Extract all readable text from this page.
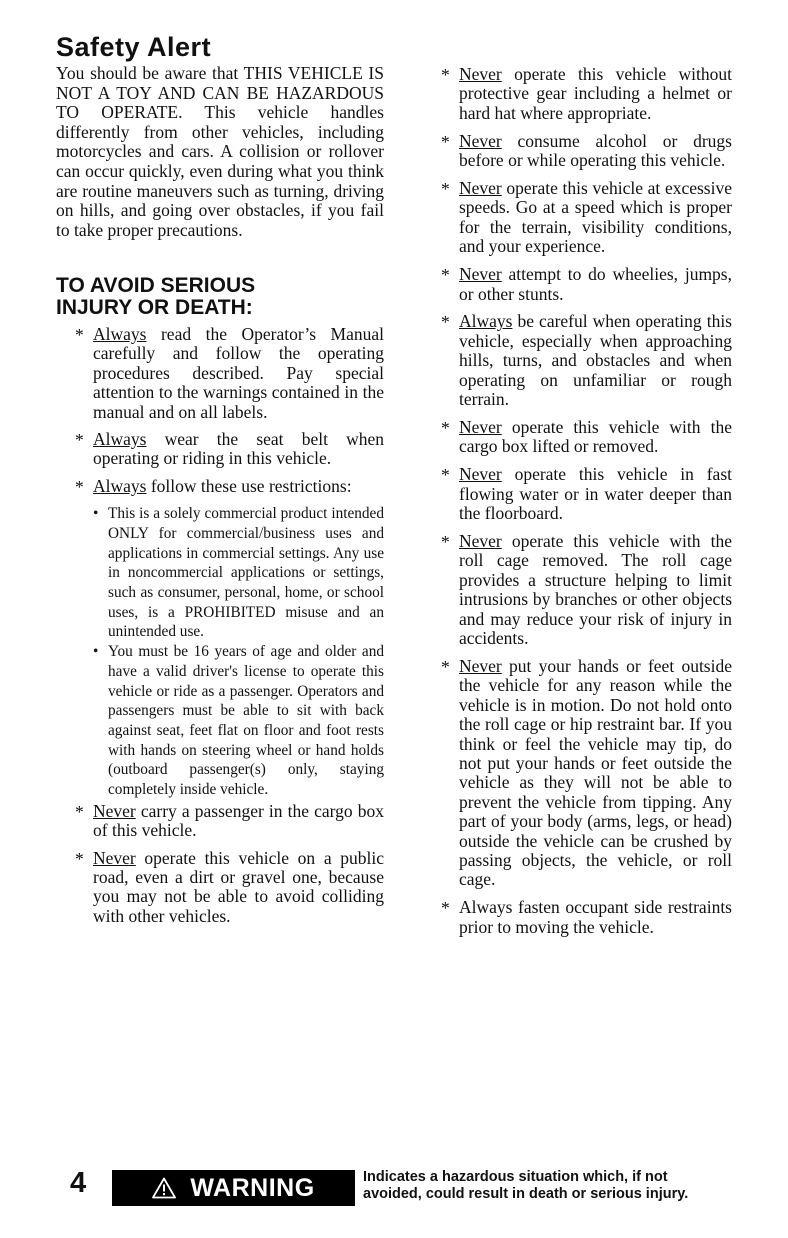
Safety Alert

You should be aware that THIS VEHICLE IS NOT A TOY AND CAN BE HAZARDOUS TO OPERATE. This vehicle handles differently from other vehicles, including motorcycles and cars. A collision or rollover can occur quickly, even during what you think are routine maneuvers such as turning, driving on hills, and going over obstacles, if you fail to take proper precautions.

TO AVOID SERIOUS
INJURY OR DEATH:
* Always read the Operator’s Manual carefully and follow the operating procedures described. Pay special attention to the warnings contained in the manual and on all labels.
* Always wear the seat belt when operating or riding in this vehicle.
* Always follow these use restrictions:
• This is a solely commercial product intended ONLY for commercial/business uses and applications in commercial settings. Any use in noncommercial applications or settings, such as consumer, personal, home, or school uses, is a PROHIBITED misuse and an unintended use.
• You must be 16 years of age and older and have a valid driver's license to operate this vehicle or ride as a passenger. Operators and passengers must be able to sit with back against seat, feet flat on floor and foot rests with hands on steering wheel or hand holds (outboard passenger(s) only, staying completely inside vehicle.
* Never carry a passenger in the cargo box of this vehicle.
* Never operate this vehicle on a public road, even a dirt or gravel one, because you may not be able to avoid colliding with other vehicles.
* Never operate this vehicle without protective gear including a helmet or hard hat where appropriate.
* Never consume alcohol or drugs before or while operating this vehicle.
* Never operate this vehicle at excessive speeds. Go at a speed which is proper for the terrain, visibility conditions, and your experience.
* Never attempt to do wheelies, jumps, or other stunts.
* Always be careful when operating this vehicle, especially when approaching hills, turns, and obstacles and when operating on unfamiliar or rough terrain.
* Never operate this vehicle with the cargo box lifted or removed.
* Never operate this vehicle in fast flowing water or in water deeper than the floorboard.
* Never operate this vehicle with the roll cage removed. The roll cage provides a structure helping to limit intrusions by branches or other objects and may reduce your risk of injury in accidents.
* Never put your hands or feet outside the vehicle for any reason while the vehicle is in motion. Do not hold onto the roll cage or hip restraint bar. If you think or feel the vehicle may tip, do not put your hands or feet outside the vehicle as they will not be able to prevent the vehicle from tipping. Any part of your body (arms, legs, or head) outside the vehicle can be crushed by passing objects, the vehicle, or roll cage.
* Always fasten occupant side restraints prior to moving the vehicle.
4	WARNING	Indicates a hazardous situation which, if not
avoided, could result in death or serious injury.
